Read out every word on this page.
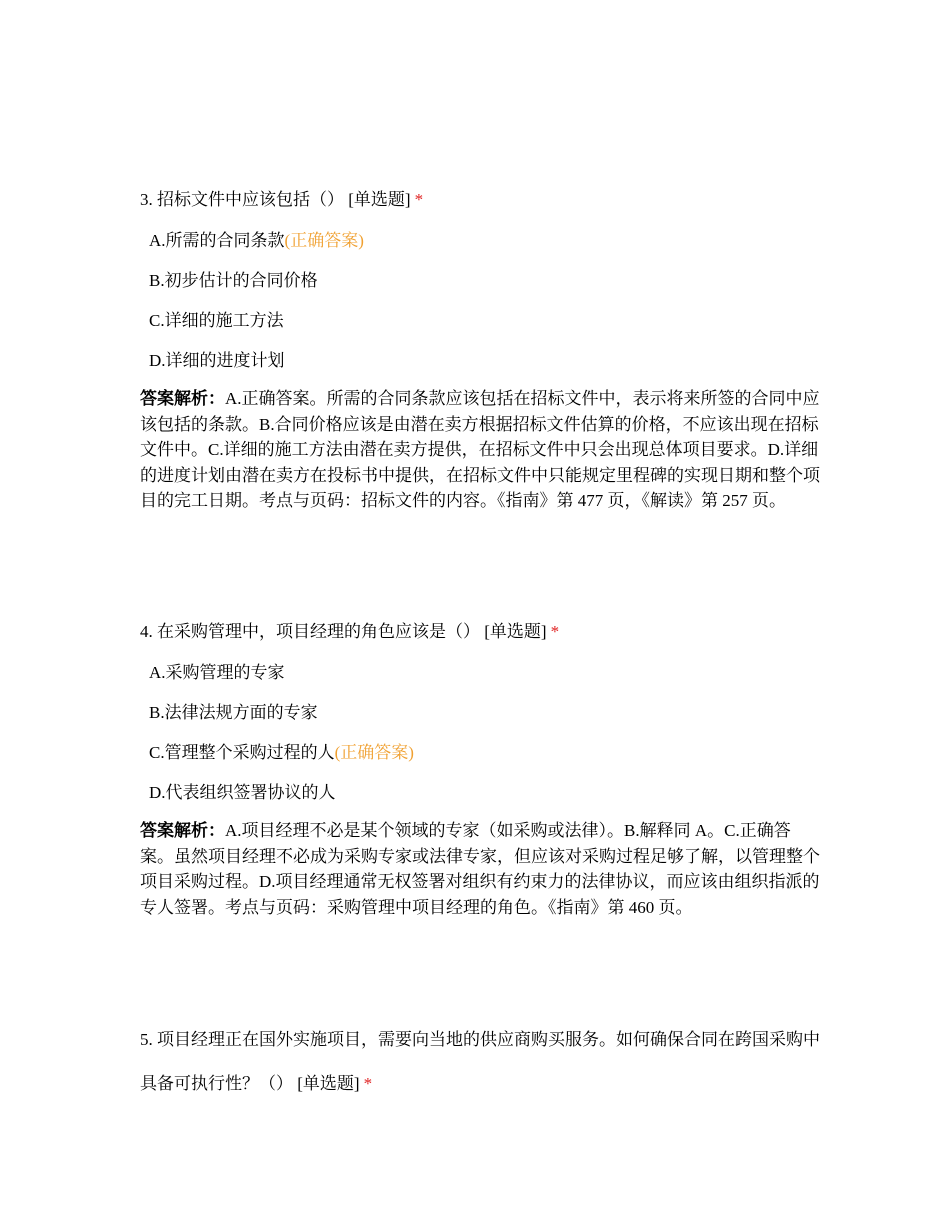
3. 招标文件中应该包括（） [单选题] *

A.所需的合同条款(正确答案)
B.初步估计的合同价格
C.详细的施工方法
D.详细的进度计划
答案解析：A.正确答案。所需的合同条款应该包括在招标文件中，表示将来所签的合同中应该包括的条款。B.合同价格应该是由潜在卖方根据招标文件估算的价格，不应该出现在招标文件中。C.详细的施工方法由潜在卖方提供，在招标文件中只会出现总体项目要求。D.详细的进度计划由潜在卖方在投标书中提供，在招标文件中只能规定里程碑的实现日期和整个项目的完工日期。考点与页码：招标文件的内容。《指南》第 477 页，《解读》第 257 页。

4. 在采购管理中，项目经理的角色应该是（） [单选题] *

A.采购管理的专家
B.法律法规方面的专家
C.管理整个采购过程的人(正确答案)
D.代表组织签署协议的人
答案解析：A.项目经理不必是某个领域的专家（如采购或法律）。B.解释同 A。C.正确答案。虽然项目经理不必成为采购专家或法律专家，但应该对采购过程足够了解，以管理整个项目采购过程。D.项目经理通常无权签署对组织有约束力的法律协议，而应该由组织指派的专人签署。考点与页码：采购管理中项目经理的角色。《指南》第 460 页。

5. 项目经理正在国外实施项目，需要向当地的供应商购买服务。如何确保合同在跨国采购中具备可执行性？（） [单选题] *
